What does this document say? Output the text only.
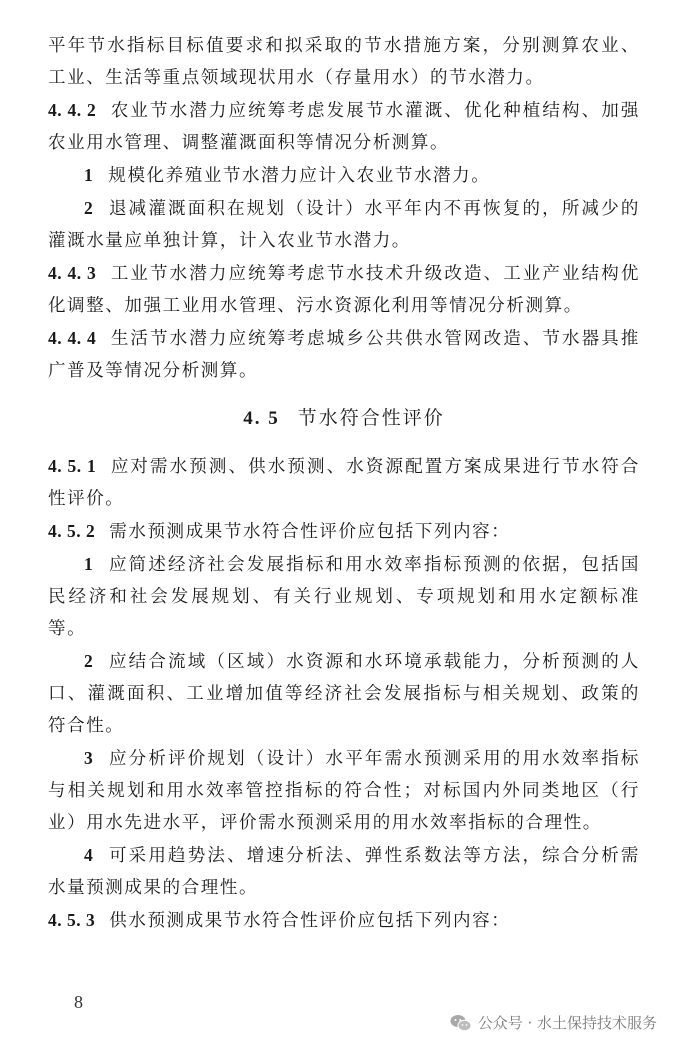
平年节水指标目标值要求和拟采取的节水措施方案，分别测算农业、工业、生活等重点领域现状用水（存量用水）的节水潜力。

4. 4. 2 农业节水潜力应统筹考虑发展节水灌溉、优化种植结构、加强农业用水管理、调整灌溉面积等情况分析测算。

1 规模化养殖业节水潜力应计入农业节水潜力。

2 退减灌溉面积在规划（设计）水平年内不再恢复的，所减少的灌溉水量应单独计算，计入农业节水潜力。

4. 4. 3 工业节水潜力应统筹考虑节水技术升级改造、工业产业结构优化调整、加强工业用水管理、污水资源化利用等情况分析测算。

4. 4. 4 生活节水潜力应统筹考虑城乡公共供水管网改造、节水器具推广普及等情况分析测算。

4. 5 节水符合性评价

4. 5. 1 应对需水预测、供水预测、水资源配置方案成果进行节水符合性评价。

4. 5. 2 需水预测成果节水符合性评价应包括下列内容：

1 应简述经济社会发展指标和用水效率指标预测的依据，包括国民经济和社会发展规划、有关行业规划、专项规划和用水定额标准等。

2 应结合流域（区域）水资源和水环境承载能力，分析预测的人口、灌溉面积、工业增加值等经济社会发展指标与相关规划、政策的符合性。

3 应分析评价规划（设计）水平年需水预测采用的用水效率指标与相关规划和用水效率管控指标的符合性；对标国内外同类地区（行业）用水先进水平，评价需水预测采用的用水效率指标的合理性。

4 可采用趋势法、增速分析法、弹性系数法等方法，综合分析需水量预测成果的合理性。

4. 5. 3 供水预测成果节水符合性评价应包括下列内容：

8
公众号 · 水土保持技术服务
